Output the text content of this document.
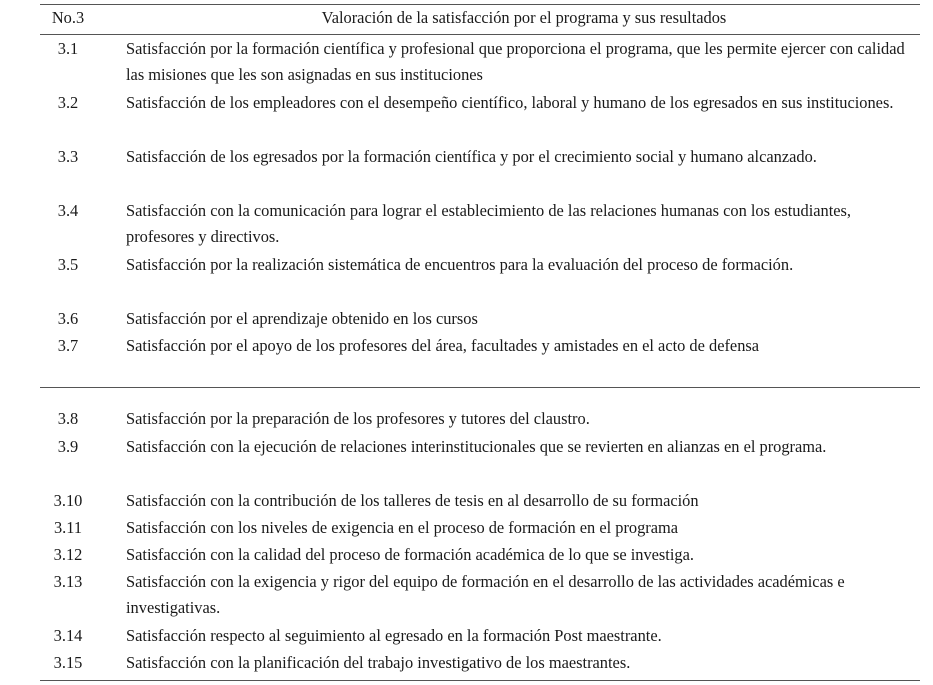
No.3	Valoración de la satisfacción por el programa y sus resultados
3.1	Satisfacción por la formación científica y profesional que proporciona el programa, que les permite ejercer con calidad las misiones que les son asignadas en sus instituciones
3.2	Satisfacción de los empleadores con el desempeño científico, laboral y humano de los egresados en sus instituciones.
3.3	Satisfacción de los egresados por la formación científica y por el crecimiento social y humano alcanzado.
3.4	Satisfacción con la comunicación para lograr el establecimiento de las relaciones humanas con los estudiantes, profesores y directivos.
3.5	Satisfacción por la realización sistemática de encuentros para la evaluación del proceso de formación.
3.6	Satisfacción por el aprendizaje obtenido en los cursos
3.7	Satisfacción por el apoyo de los profesores del área, facultades y amistades en el acto de defensa
3.8	Satisfacción por la preparación de los profesores y tutores del claustro.
3.9	Satisfacción con la ejecución de relaciones interinstitucionales que se revierten en alianzas en el programa.
3.10	Satisfacción con la contribución de los talleres de tesis en al desarrollo de su formación
3.11	Satisfacción con los niveles de exigencia en el proceso de formación en el programa
3.12	Satisfacción con la calidad del proceso de formación académica de lo que se investiga.
3.13	Satisfacción con la exigencia y rigor del equipo de formación en el desarrollo de las actividades académicas e investigativas.
3.14	Satisfacción respecto al seguimiento al egresado en la formación Post maestrante.
3.15	Satisfacción con la planificación del trabajo investigativo de los maestrantes.
